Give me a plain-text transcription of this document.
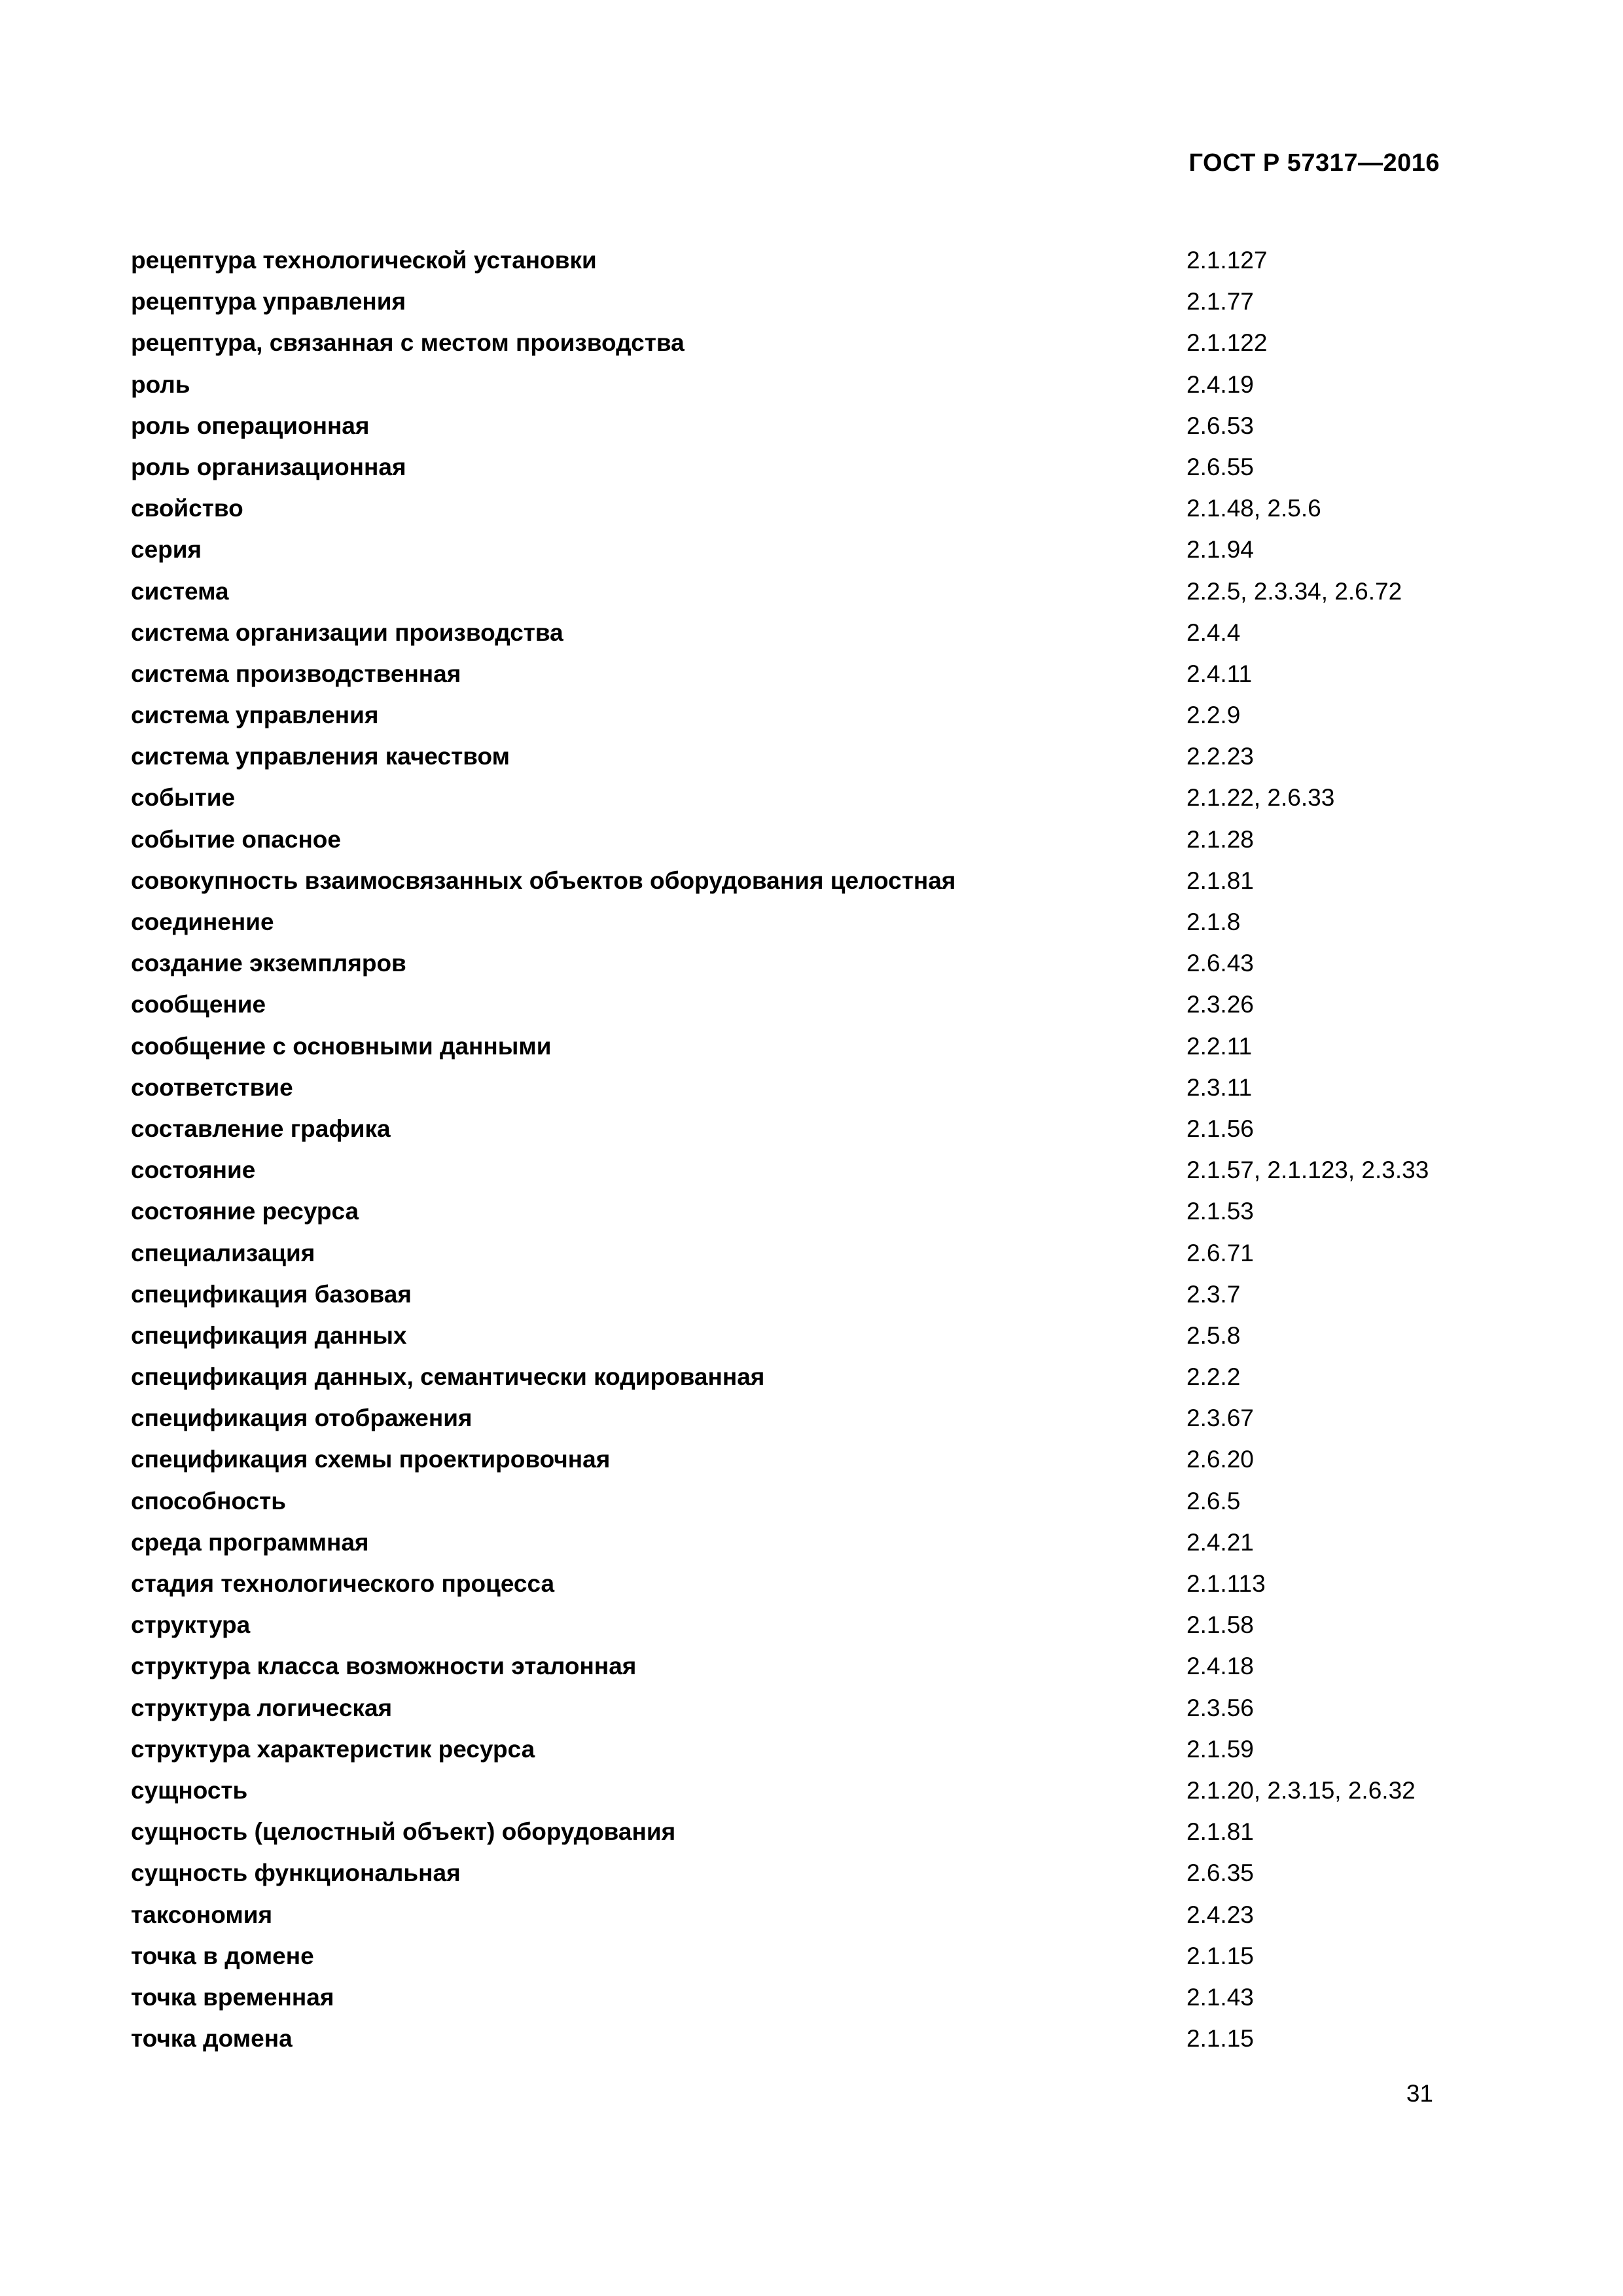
ГОСТ Р 57317—2016
рецептура технологической установки	2.1.127
рецептура управления	2.1.77
рецептура, связанная с местом производства	2.1.122
роль	2.4.19
роль операционная	2.6.53
роль организационная	2.6.55
свойство	2.1.48, 2.5.6
серия	2.1.94
система	2.2.5, 2.3.34, 2.6.72
система организации производства	2.4.4
система производственная	2.4.11
система управления	2.2.9
система управления качеством	2.2.23
событие	2.1.22, 2.6.33
событие опасное	2.1.28
совокупность взаимосвязанных объектов оборудования целостная	2.1.81
соединение	2.1.8
создание экземпляров	2.6.43
сообщение	2.3.26
сообщение с основными данными	2.2.11
соответствие	2.3.11
составление графика	2.1.56
состояние	2.1.57, 2.1.123, 2.3.33
состояние ресурса	2.1.53
специализация	2.6.71
спецификация базовая	2.3.7
спецификация данных	2.5.8
спецификация данных, семантически кодированная	2.2.2
спецификация отображения	2.3.67
спецификация схемы проектировочная	2.6.20
способность	2.6.5
среда программная	2.4.21
стадия технологического процесса	2.1.113
структура	2.1.58
структура класса возможности эталонная	2.4.18
структура логическая	2.3.56
структура характеристик ресурса	2.1.59
сущность	2.1.20, 2.3.15, 2.6.32
сущность (целостный объект) оборудования	2.1.81
сущность функциональная	2.6.35
таксономия	2.4.23
точка в домене	2.1.15
точка временная	2.1.43
точка домена	2.1.15
31
